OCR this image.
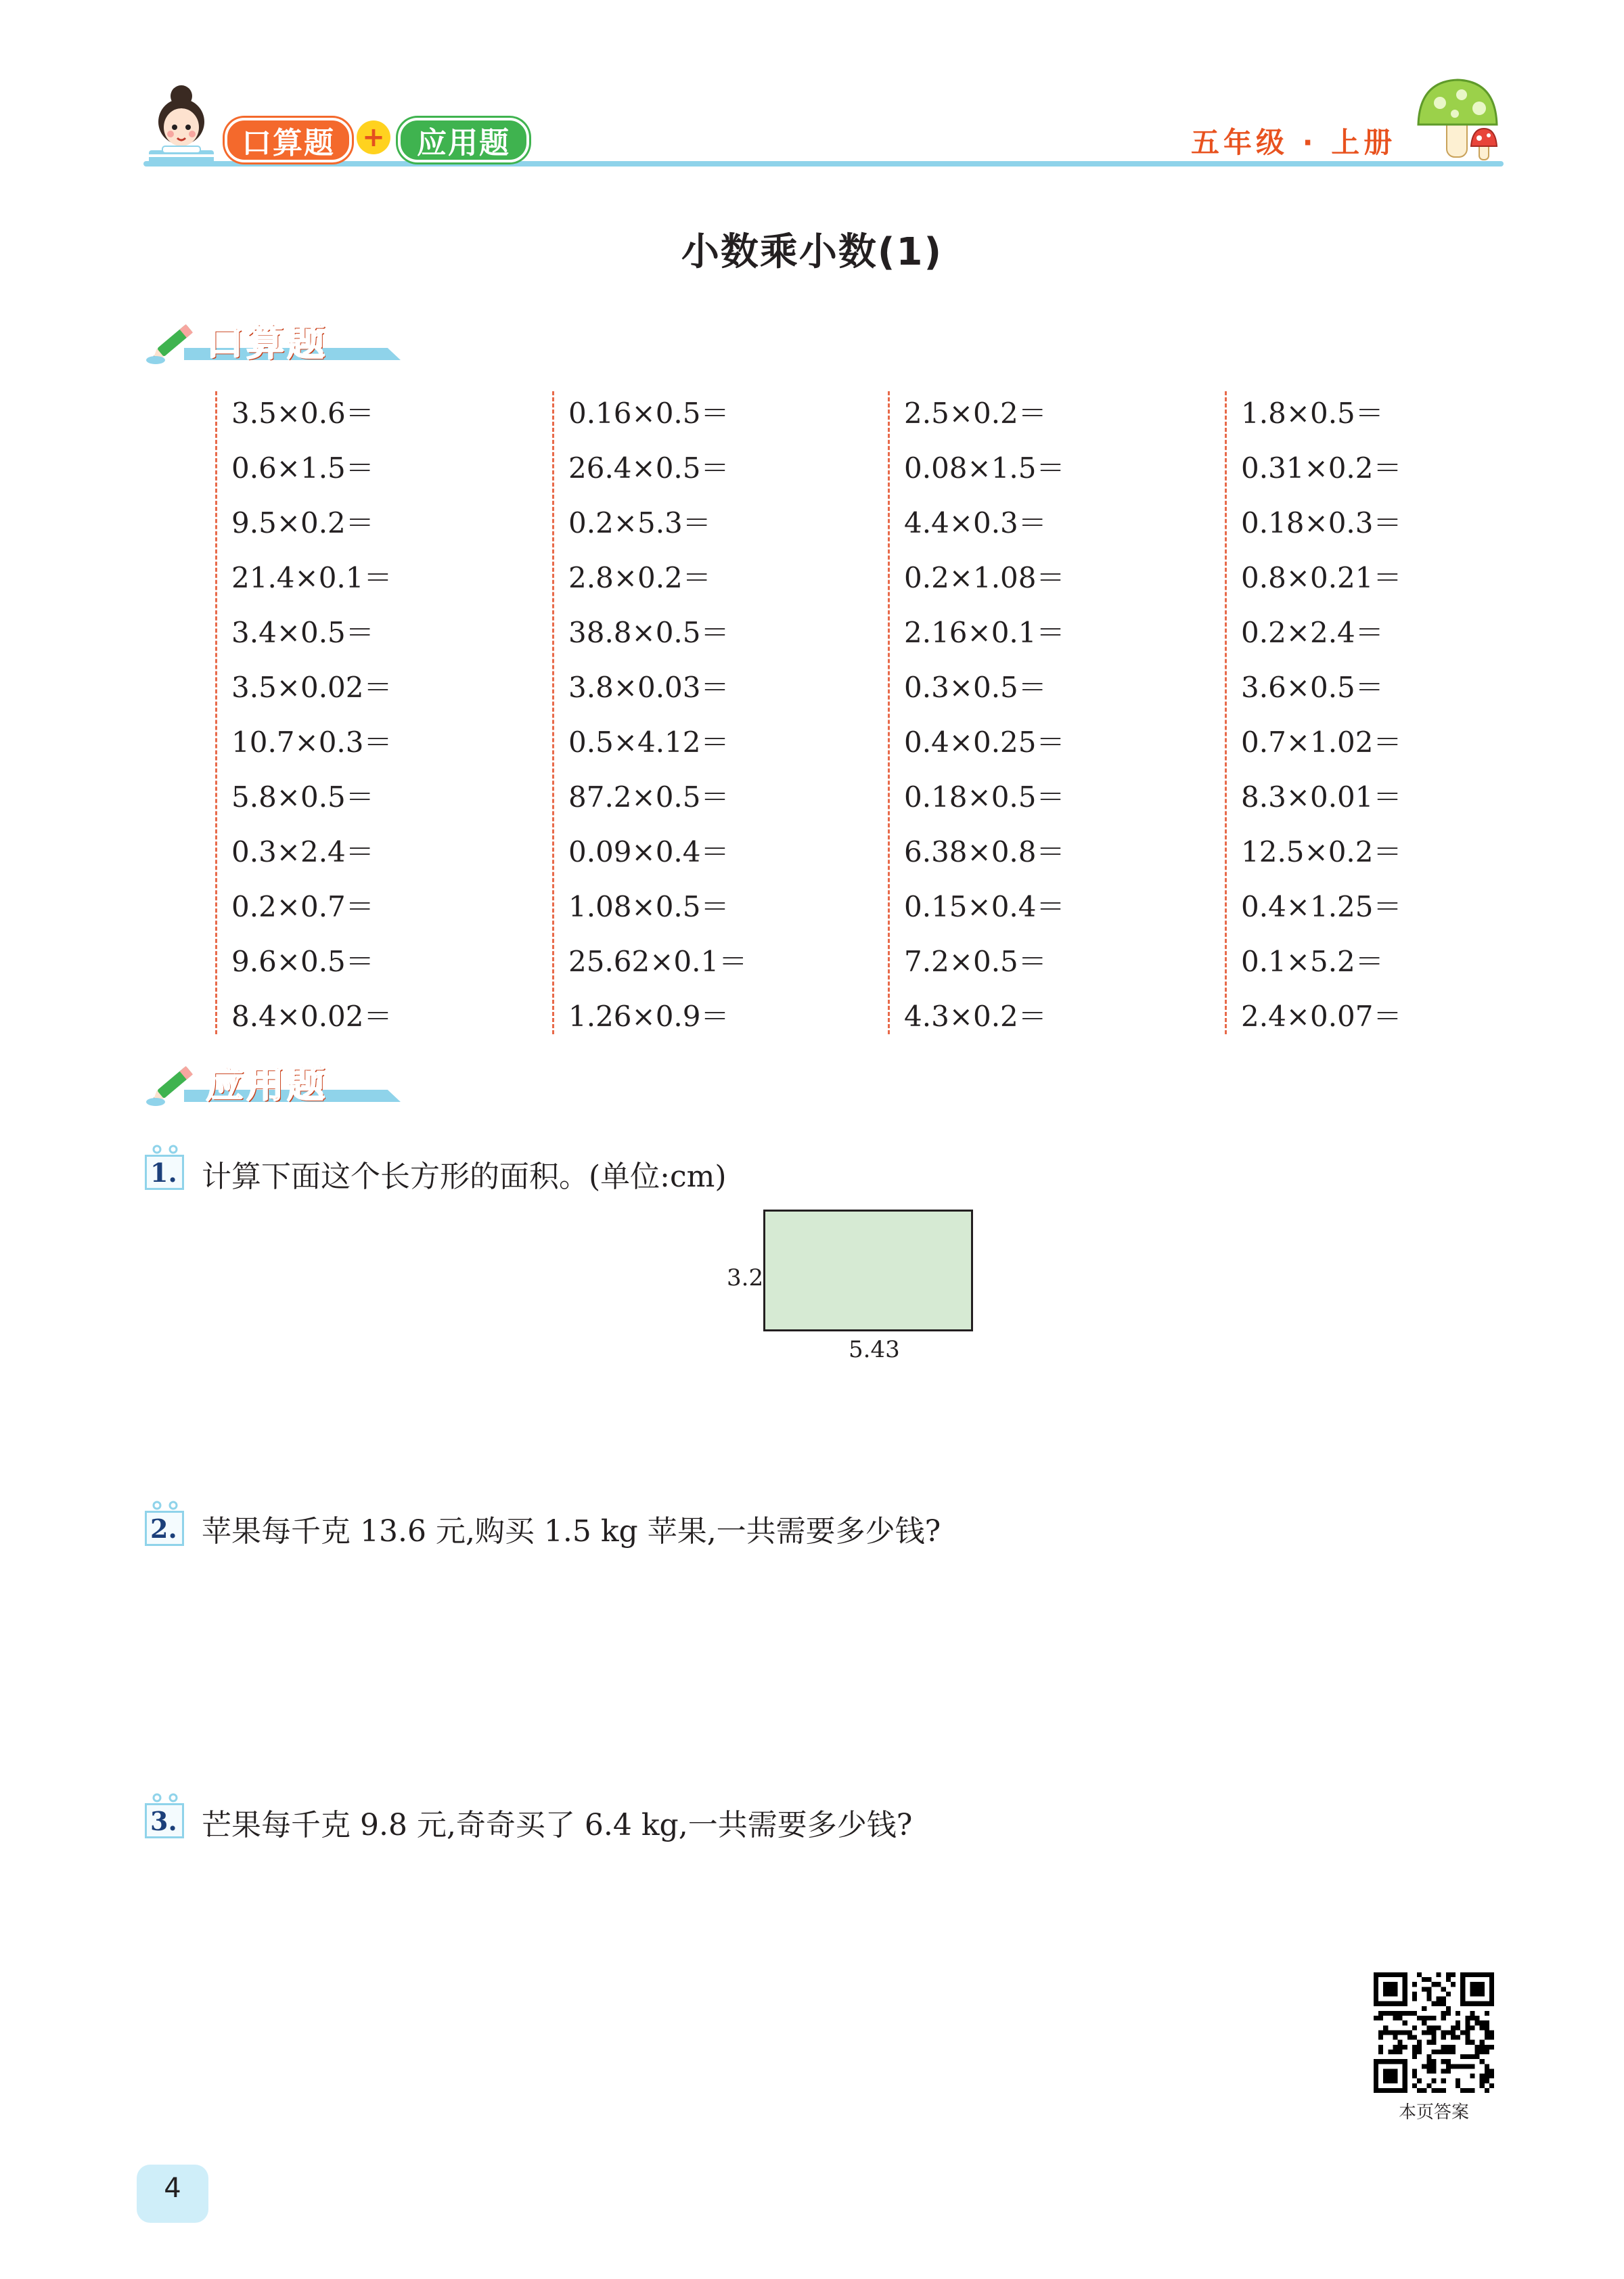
口算题	+	应用题	五年级 · 上册
小数乘小数(1)
口算题
3.5×0.6＝
0.6×1.5＝
9.5×0.2＝
21.4×0.1＝
3.4×0.5＝
3.5×0.02＝
10.7×0.3＝
5.8×0.5＝
0.3×2.4＝
0.2×0.7＝
9.6×0.5＝
8.4×0.02＝
0.16×0.5＝
26.4×0.5＝
0.2×5.3＝
2.8×0.2＝
38.8×0.5＝
3.8×0.03＝
0.5×4.12＝
87.2×0.5＝
0.09×0.4＝
1.08×0.5＝
25.62×0.1＝
1.26×0.9＝
2.5×0.2＝
0.08×1.5＝
4.4×0.3＝
0.2×1.08＝
2.16×0.1＝
0.3×0.5＝
0.4×0.25＝
0.18×0.5＝
6.38×0.8＝
0.15×0.4＝
7.2×0.5＝
4.3×0.2＝
1.8×0.5＝
0.31×0.2＝
0.18×0.3＝
0.8×0.21＝
0.2×2.4＝
3.6×0.5＝
0.7×1.02＝
8.3×0.01＝
12.5×0.2＝
0.4×1.25＝
0.1×5.2＝
2.4×0.07＝
应用题
1. 计算下面这个长方形的面积。(单位:cm)
3.2
5.43
2. 苹果每千克 13.6 元,购买 1.5 kg 苹果,一共需要多少钱?
3. 芒果每千克 9.8 元,奇奇买了 6.4 kg,一共需要多少钱?
本页答案
4
